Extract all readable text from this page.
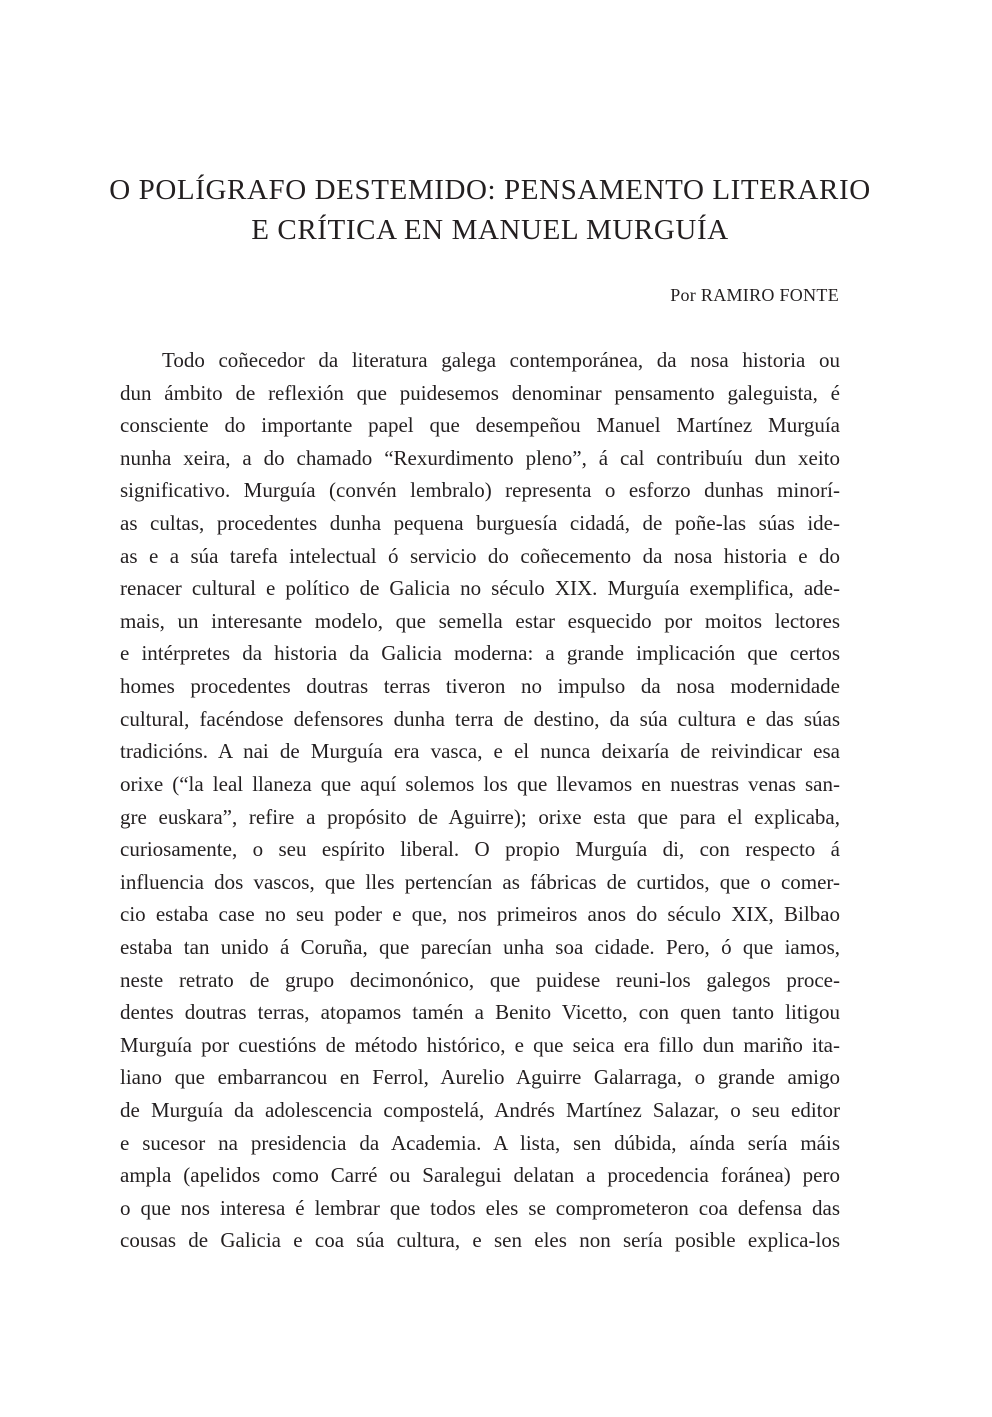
O POLÍGRAFO DESTEMIDO: PENSAMENTO LITERARIO
E CRÍTICA EN MANUEL MURGUÍA
Por RAMIRO FONTE
Todo coñecedor da literatura galega contemporánea, da nosa historia ou
dun ámbito de reflexión que puidesemos denominar pensamento galeguista, é
consciente do importante papel que desempeñou Manuel Martínez Murguía
nunha xeira, a do chamado “Rexurdimento pleno”, á cal contribuíu dun xeito
significativo. Murguía (convén lembralo) representa o esforzo dunhas minorí-
as cultas, procedentes dunha pequena burguesía cidadá, de poñe-las súas ide-
as e a súa tarefa intelectual ó servicio do coñecemento da nosa historia e do
renacer cultural e político de Galicia no século XIX. Murguía exemplifica, ade-
mais, un interesante modelo, que semella estar esquecido por moitos lectores
e intérpretes da historia da Galicia moderna: a grande implicación que certos
homes procedentes doutras terras tiveron no impulso da nosa modernidade
cultural, facéndose defensores dunha terra de destino, da súa cultura e das súas
tradicións. A nai de Murguía era vasca, e el nunca deixaría de reivindicar esa
orixe (“la leal llaneza que aquí solemos los que llevamos en nuestras venas san-
gre euskara”, refire a propósito de Aguirre); orixe esta que para el explicaba,
curiosamente, o seu espírito liberal. O propio Murguía di, con respecto á
influencia dos vascos, que lles pertencían as fábricas de curtidos, que o comer-
cio estaba case no seu poder e que, nos primeiros anos do século XIX, Bilbao
estaba tan unido á Coruña, que parecían unha soa cidade. Pero, ó que iamos,
neste retrato de grupo decimonónico, que puidese reuni-los galegos proce-
dentes doutras terras, atopamos tamén a Benito Vicetto, con quen tanto litigou
Murguía por cuestións de método histórico, e que seica era fillo dun mariño ita-
liano que embarrancou en Ferrol, Aurelio Aguirre Galarraga, o grande amigo
de Murguía da adolescencia compostelá, Andrés Martínez Salazar, o seu editor
e sucesor na presidencia da Academia. A lista, sen dúbida, aínda sería máis
ampla (apelidos como Carré ou Saralegui delatan a procedencia foránea) pero
o que nos interesa é lembrar que todos eles se comprometeron coa defensa das
cousas de Galicia e coa súa cultura, e sen eles non sería posible explica-los
